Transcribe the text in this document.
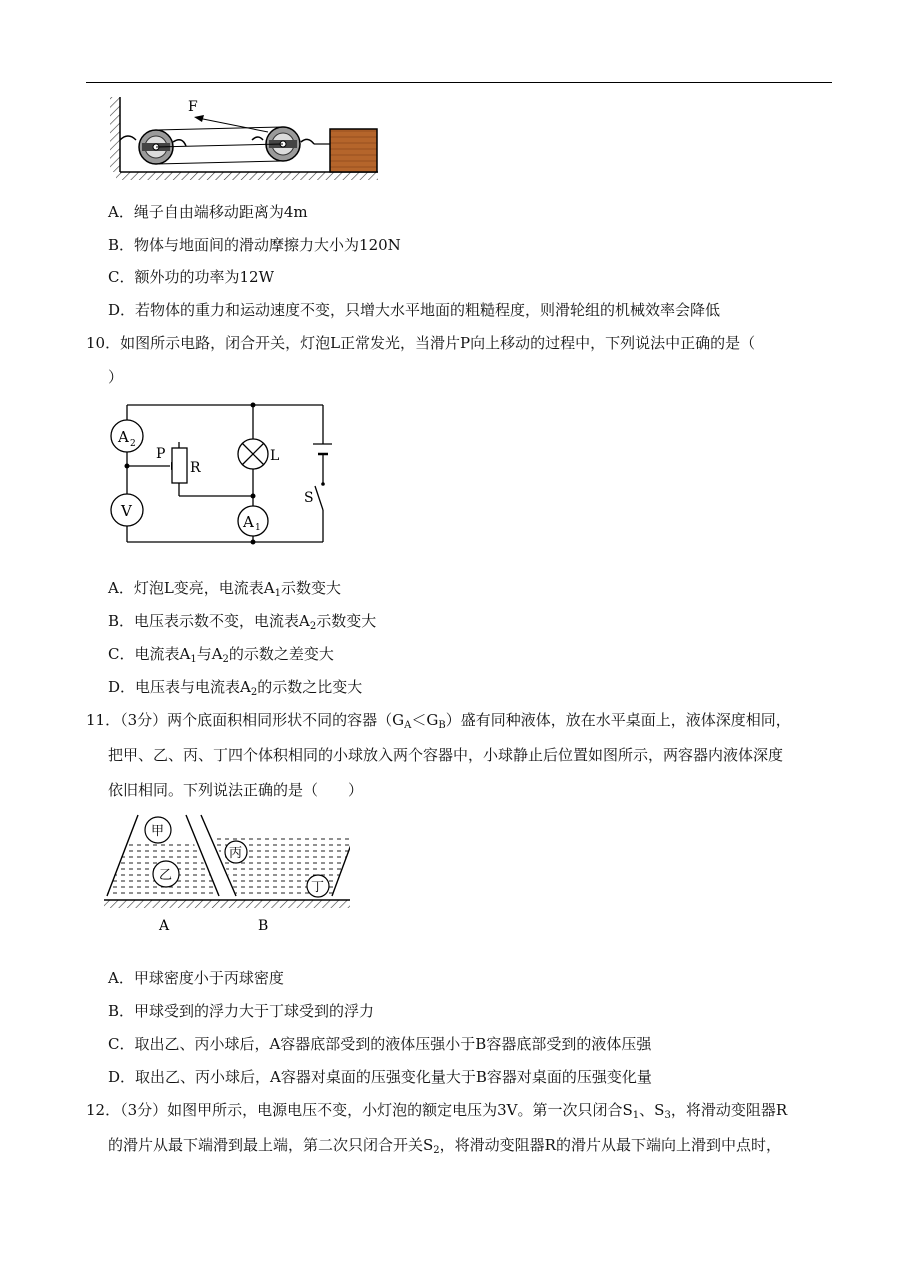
F
A．绳子自由端移动距离为4m
B．物体与地面间的滑动摩擦力大小为120N
C．额外功的功率为12W
D．若物体的重力和运动速度不变，只增大水平地面的粗糙程度，则滑轮组的机械效率会降低
10．如图所示电路，闭合开关，灯泡L正常发光，当滑片P向上移动的过程中，下列说法中正确的是（
）
A 2
V
P
R
L
A 1
S
A．灯泡L变亮，电流表$A_1$示数变大
B．电压表示数不变，电流表$A_2$示数变大
C．电流表$A_1$与$A_2$的示数之差变大
D．电压表与电流表$A_2$的示数之比变大
11．（3分）两个底面积相同形状不同的容器$(G_A<G_B)$盛有同种液体，放在水平桌面上，液体深度相同，
把甲、乙、丙、丁四个体积相同的小球放入两个容器中，小球静止后位置如图所示，两容器内液体深度
依旧相同。下列说法正确的是（　　）
甲
乙
丙
丁
A	B
A．甲球密度小于丙球密度
B．甲球受到的浮力大于丁球受到的浮力
C．取出乙、丙小球后，A容器底部受到的液体压强小于B容器底部受到的液体压强
D．取出乙、丙小球后，A容器对桌面的压强变化量大于B容器对桌面的压强变化量
12．（3分）如图甲所示，电源电压不变，小灯泡的额定电压为3V。第一次只闭合$S_1$、$S_3$，将滑动变阻器R
的滑片从最下端滑到最上端，第二次只闭合开关$S_2$，将滑动变阻器R的滑片从最下端向上滑到中点时，
